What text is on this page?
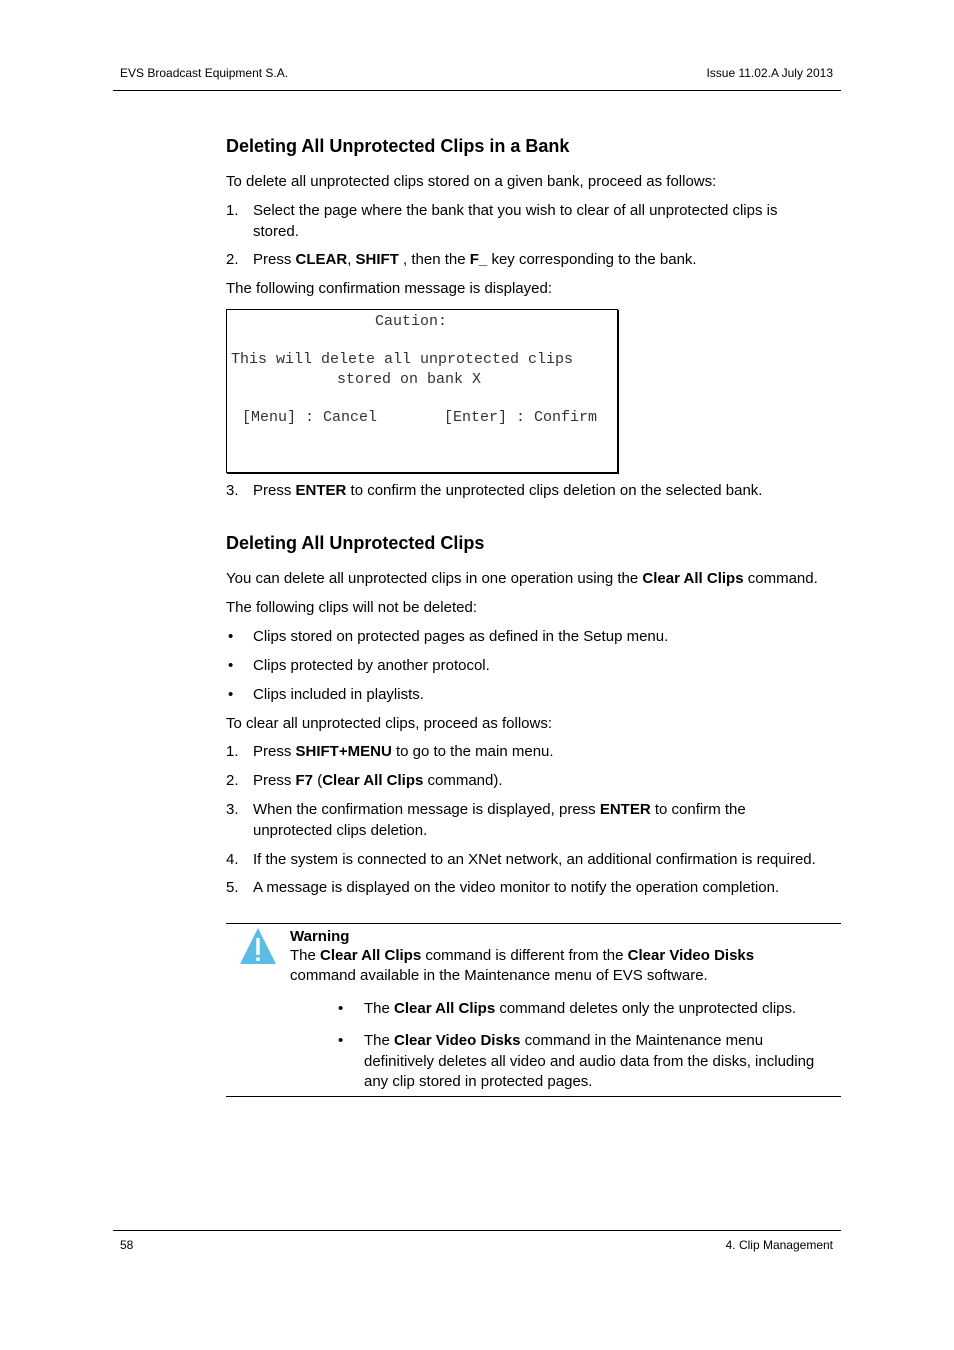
EVS Broadcast Equipment S.A.	Issue 11.02.A July 2013
Deleting All Unprotected Clips in a Bank
To delete all unprotected clips stored on a given bank, proceed as follows:
1. Select the page where the bank that you wish to clear of all unprotected clips is
stored.
2. Press CLEAR, SHIFT , then the F_ key corresponding to the bank.
The following confirmation message is displayed:
Caution:
This will delete all unprotected clips
stored on bank X
[Menu] : Cancel	[Enter] : Confirm
3. Press ENTER to confirm the unprotected clips deletion on the selected bank.
Deleting All Unprotected Clips
You can delete all unprotected clips in one operation using the Clear All Clips command.
The following clips will not be deleted:
• Clips stored on protected pages as defined in the Setup menu.
• Clips protected by another protocol.
• Clips included in playlists.
To clear all unprotected clips, proceed as follows:
1. Press SHIFT+MENU to go to the main menu.
2. Press F7 (Clear All Clips command).
3. When the confirmation message is displayed, press ENTER to confirm the
unprotected clips deletion.
4. If the system is connected to an XNet network, an additional confirmation is required.
5. A message is displayed on the video monitor to notify the operation completion.
Warning
The Clear All Clips command is different from the Clear Video Disks
command available in the Maintenance menu of EVS software.
• The Clear All Clips command deletes only the unprotected clips.
• The Clear Video Disks command in the Maintenance menu
definitively deletes all video and audio data from the disks, including
any clip stored in protected pages.
58	4. Clip Management
